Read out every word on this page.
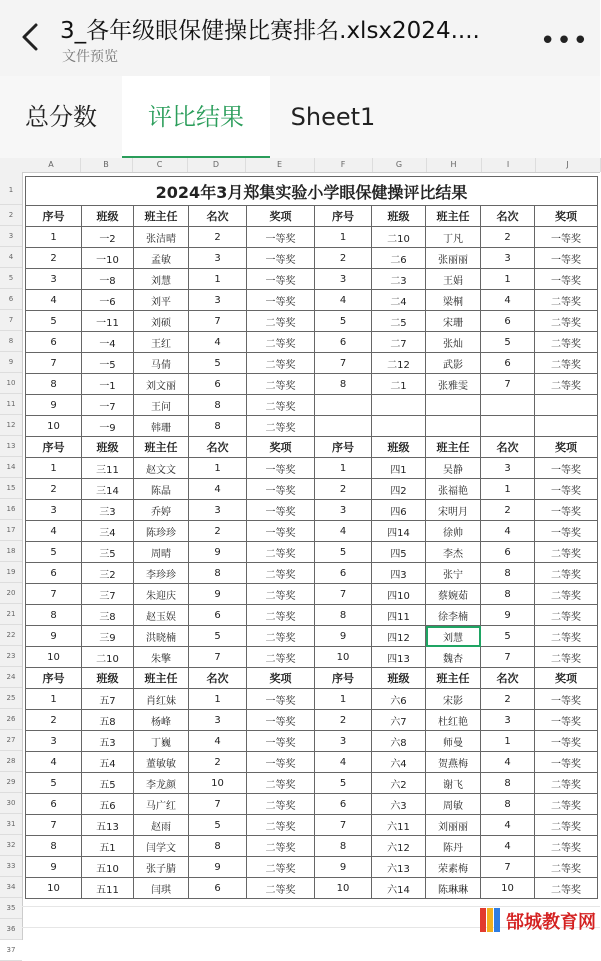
3_各年级眼保健操比赛排名.xlsx2024....
文件预览
•••
总分数	评比结果	Sheet1
A	B	C	D	E	F	G	H	I	J
1
2
3
4
5
6
7
8
9
10
11
12
13
14
15
16
17
18
19
20
21
22
23
24
25
26
27
28
29
30
31
32
33
34
35
36
37
2024年3月郑集实验小学眼保健操评比结果									
序号	班级	班主任	名次	奖项	序号	班级	班主任	名次	奖项
1	一2	张洁晴	2	一等奖	1	二10	丁凡	2	一等奖
2	一10	孟敏	3	一等奖	2	二6	张丽丽	3	一等奖
3	一8	刘慧	1	一等奖	3	二3	王娟	1	一等奖
4	一6	刘平	3	一等奖	4	二4	梁桐	4	二等奖
5	一11	刘硕	7	二等奖	5	二5	宋珊	6	二等奖
6	一4	王红	4	二等奖	6	二7	张灿	5	二等奖
7	一5	马倩	5	二等奖	7	二12	武影	6	二等奖
8	一1	刘文丽	6	二等奖	8	二1	张雅雯	7	二等奖
9	一7	王问	8	二等奖					
10	一9	韩珊	8	二等奖					
序号	班级	班主任	名次	奖项	序号	班级	班主任	名次	奖项
1	三11	赵文文	1	一等奖	1	四1	吴静	3	一等奖
2	三14	陈晶	4	一等奖	2	四2	张福艳	1	一等奖
3	三3	乔婷	3	一等奖	3	四6	宋明月	2	一等奖
4	三4	陈珍珍	2	一等奖	4	四14	徐帅	4	一等奖
5	三5	周晴	9	二等奖	5	四5	李杰	6	二等奖
6	三2	李珍珍	8	二等奖	6	四3	张宁	8	二等奖
7	三7	朱迎庆	9	二等奖	7	四10	蔡婉茹	8	二等奖
8	三8	赵玉娱	6	二等奖	8	四11	徐李楠	9	二等奖
9	三9	洪晓楠	5	二等奖	9	四12	刘慧	5	二等奖
10	二10	朱擎	7	二等奖	10	四13	魏杏	7	二等奖
序号	班级	班主任	名次	奖项	序号	班级	班主任	名次	奖项
1	五7	肖红妹	1	一等奖	1	六6	宋影	2	一等奖
2	五8	杨峰	3	一等奖	2	六7	杜红艳	3	一等奖
3	五3	丁巍	4	一等奖	3	六8	师曼	1	一等奖
4	五4	董敏敏	2	一等奖	4	六4	贺燕梅	4	一等奖
5	五5	李龙颜	10	二等奖	5	六2	谢飞	8	二等奖
6	五6	马广红	7	二等奖	6	六3	周敏	8	二等奖
7	五13	赵雨	5	二等奖	7	六11	刘丽丽	4	二等奖
8	五1	闫学文	8	二等奖	8	六12	陈丹	4	二等奖
9	五10	张子腈	9	二等奖	9	六13	荣素梅	7	二等奖
10	五11	闫琪	6	二等奖	10	六14	陈琳琳	10	二等奖
郜城教育网
